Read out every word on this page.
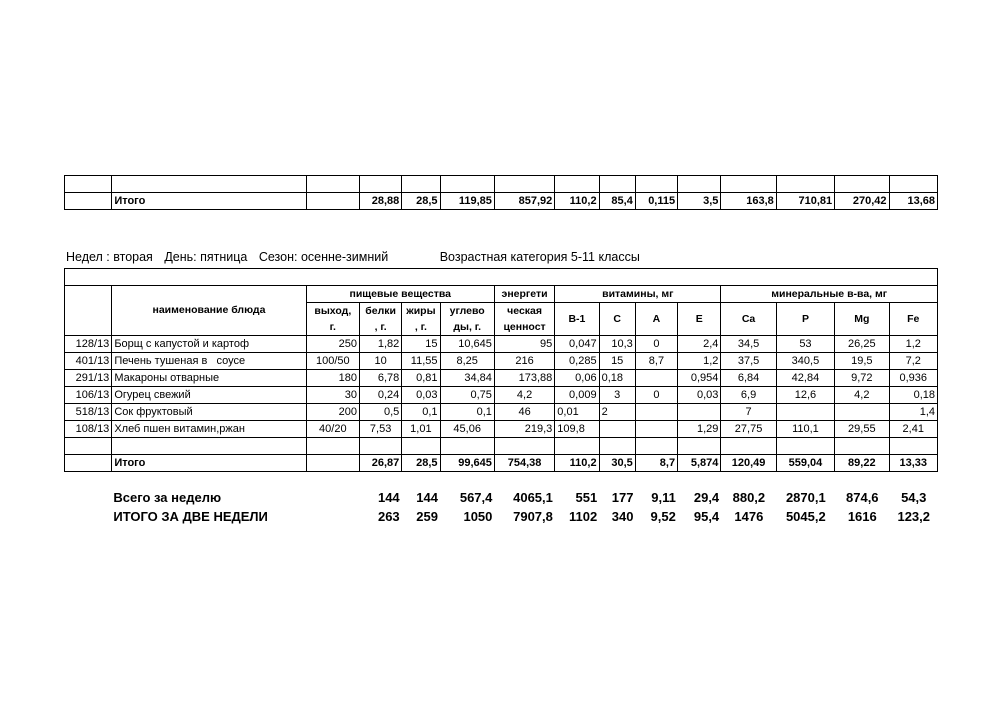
	Итого		28,88	28,5	119,85	857,92	110,2	85,4	0,115	3,5	163,8	710,81	270,42	13,68
Недел : вторая День: пятница Сезон: осенне-зимний	Возрастная категория 5-11 классы

	наименование блюда	пищевые вещества				энергети	витамины, мг				минеральные в-ва, мг			
		выход,	белки	жиры	углево	ческая	В-1	С	А	Е	Ca	P	Mg	Fe
		г.	, г.	, г.	ды, г.	ценност								
128/13	Борщ с капустой и картоф	250	1,82	15	10,645	95	0,047	10,3	0	2,4	34,5	53	26,25	1,2
401/13	Печень тушеная в   соусе	100/50	10	11,55	8,25	216	0,285	15	8,7	1,2	37,5	340,5	19,5	7,2
291/13	Макароны отварные	180	6,78	0,81	34,84	173,88	0,06	0,18		0,954	6,84	42,84	9,72	0,936
106/13	Огурец свежий	30	0,24	0,03	0,75	4,2	0,009	3	0	0,03	6,9	12,6	4,2	0,18
518/13	Сок фруктовый	200	0,5	0,1	0,1	46	0,01	2			7			1,4
108/13	Хлеб пшен витамин,ржан	40/20	7,53	1,01	45,06	219,3	109,8			1,29	27,75	110,1	29,55	2,41

	Итого		26,87	28,5	99,645	754,38	110,2	30,5	8,7	5,874	120,49	559,04	89,22	13,33
	Всего за неделю		144	144	567,4	4065,1	551	177	9,11	29,4	880,2	2870,1	874,6	54,3
	ИТОГО ЗА ДВЕ НЕДЕЛИ		263	259	1050	7907,8	1102	340	9,52	95,4	1476	5045,2	1616	123,2
